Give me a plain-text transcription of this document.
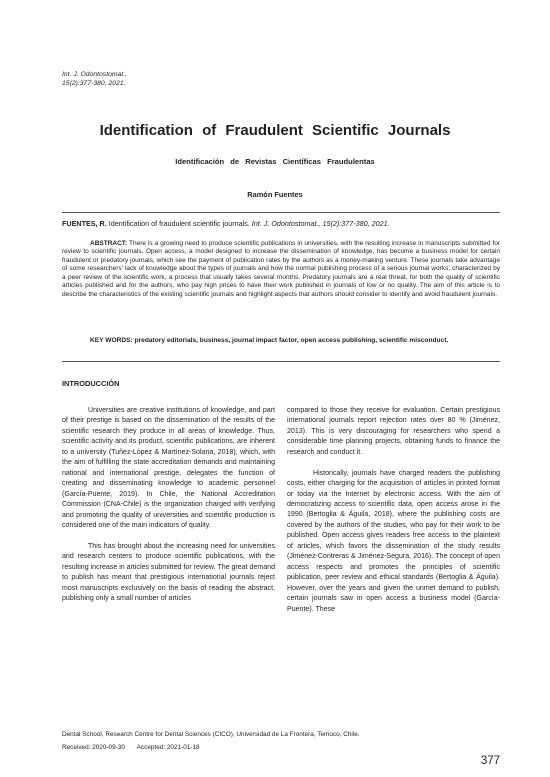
Int. J. Odontostomat.,
15(2):377-380, 2021.
Identification of Fraudulent Scientific Journals
Identificación de Revistas Científicas Fraudulentas
Ramón Fuentes
FUENTES, R. Identification of fraudulent scientific journals. Int. J. Odontostomat., 15(2):377-380, 2021.

ABSTRACT: There is a growing need to produce scientific publications in universities, with the resulting increase in manuscripts submitted for review to scientific journals. Open access, a model designed to increase the dissemination of knowledge, has become a business model for certain fraudulent or predatory journals, which see the payment of publication rates by the authors as a money-making venture. These journals take advantage of some researchers' lack of knowledge about the types of journals and how the normal publishing process of a serious journal works, characterized by a peer review of the scientific work, a process that usually takes several months. Predatory journals are a real threat, for both the quality of scientific articles published and for the authors, who pay high prices to have their work published in journals of low or no quality. The aim of this article is to describe the characteristics of the existing scientific journals and highlight aspects that authors should consider to identify and avoid fraudulent journals.

KEY WORDS: predatory editorials, business, journal impact factor, open access publishing, scientific misconduct.

INTRODUCCIÓN

Universities are creative institutions of knowledge, and part of their prestige is based on the dissemination of the results of the scientific research they produce in all areas of knowledge. Thus, scientific activity and its product, scientific publications, are inherent to a university (Tuñez-López & Martínez-Solana, 2018), which, with the aim of fulfilling the state accreditation demands and maintaining national and international prestige, delegates the function of creating and disseminating knowledge to academic personnel (García-Puente, 2019). In Chile, the National Accreditation Commission (CNA-Chile) is the organization charged with verifying and promoting the quality of universities and scientific production is considered one of the main indicators of quality.

This has brought about the increasing need for universities and research centers to produce scientific publications, with the resulting increase in articles submitted for review. The great demand to publish has meant that prestigious international journals reject most manuscripts exclusively on the basis of reading the abstract, publishing only a small number of articles

compared to those they receive for evaluation. Certain prestigious international journals report rejection rates over 80 % (Jiménez, 2013). This is very discouraging for researchers who spend a considerable time planning projects, obtaining funds to finance the research and conduct it.

Historically, journals have charged readers the publishing costs, either charging for the acquisition of articles in printed format or today via the Internet by electronic access. With the aim of democratizing access to scientific data, open access arose in the 1990 (Bertoglia & Águila, 2018), where the publishing costs are covered by the authors of the studies, who pay for their work to be published. Open access gives readers free access to the plaintext of articles, which favors the dissemination of the study results (Jiménez-Contreras & Jiménez-Segura, 2016). The concept of open access respects and promotes the principles of scientific publication, peer review and ethical standards (Bertoglia & Águila). However, over the years and given the unmet demand to publish, certain journals saw in open access a business model (García-Puente). These

Dental School, Research Centre for Dental Sciences (CICO), Universidad de La Frontera, Temuco, Chile.
Received: 2020-09-30 Accepted: 2021-01-18
377
